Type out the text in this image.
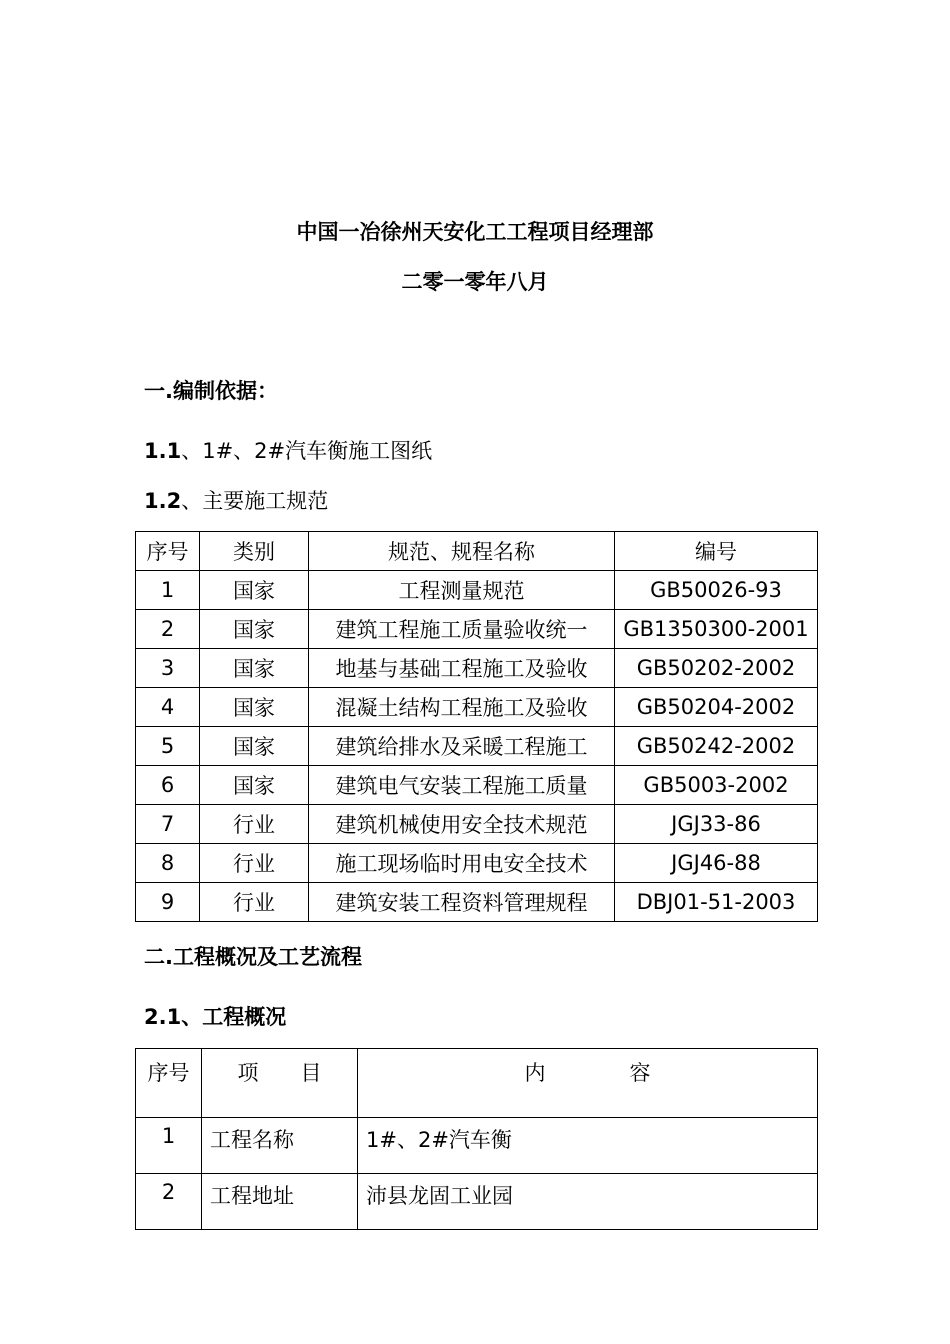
中国一冶徐州天安化工工程项目经理部
二零一零年八月
一.编制依据：
1.1、1#、2#汽车衡施工图纸
1.2、主要施工规范
序号	类别	规范、规程名称	编号
1	国家	工程测量规范	GB50026-93
2	国家	建筑工程施工质量验收统一	GB1350300-2001
3	国家	地基与基础工程施工及验收	GB50202-2002
4	国家	混凝土结构工程施工及验收	GB50204-2002
5	国家	建筑给排水及采暖工程施工	GB50242-2002
6	国家	建筑电气安装工程施工质量	GB5003-2002
7	行业	建筑机械使用安全技术规范	JGJ33-86
8	行业	施工现场临时用电安全技术	JGJ46-88
9	行业	建筑安装工程资料管理规程	DBJ01-51-2003
二.工程概况及工艺流程
2.1、工程概况
序号	项　　目	内　　　　容
1	工程名称	1#、2#汽车衡
2	工程地址	沛县龙固工业园
